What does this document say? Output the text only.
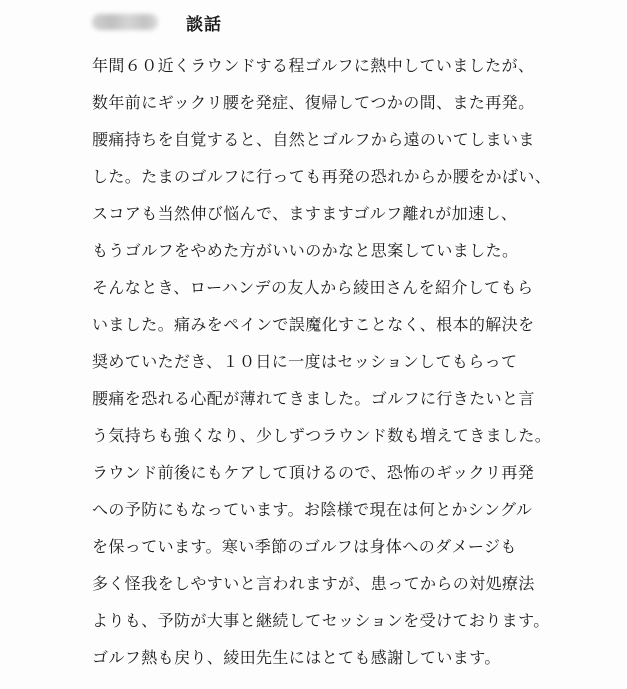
談話
年間６０近くラウンドする程ゴルフに熱中していましたが、
数年前にギックリ腰を発症、復帰してつかの間、また再発。
腰痛持ちを自覚すると、自然とゴルフから遠のいてしまいま
した。たまのゴルフに行っても再発の恐れからか腰をかばい、
スコアも当然伸び悩んで、ますますゴルフ離れが加速し、
もうゴルフをやめた方がいいのかなと思案していました。
そんなとき、ローハンデの友人から綾田さんを紹介してもら
いました。痛みをペインで誤魔化すことなく、根本的解決を
奨めていただき、１０日に一度はセッションしてもらって
腰痛を恐れる心配が薄れてきました。ゴルフに行きたいと言
う気持ちも強くなり、少しずつラウンド数も増えてきました。
ラウンド前後にもケアして頂けるので、恐怖のギックリ再発
への予防にもなっています。お陰様で現在は何とかシングル
を保っています。寒い季節のゴルフは身体へのダメージも
多く怪我をしやすいと言われますが、患ってからの対処療法
よりも、予防が大事と継続してセッションを受けております。
ゴルフ熱も戻り、綾田先生にはとても感謝しています。
